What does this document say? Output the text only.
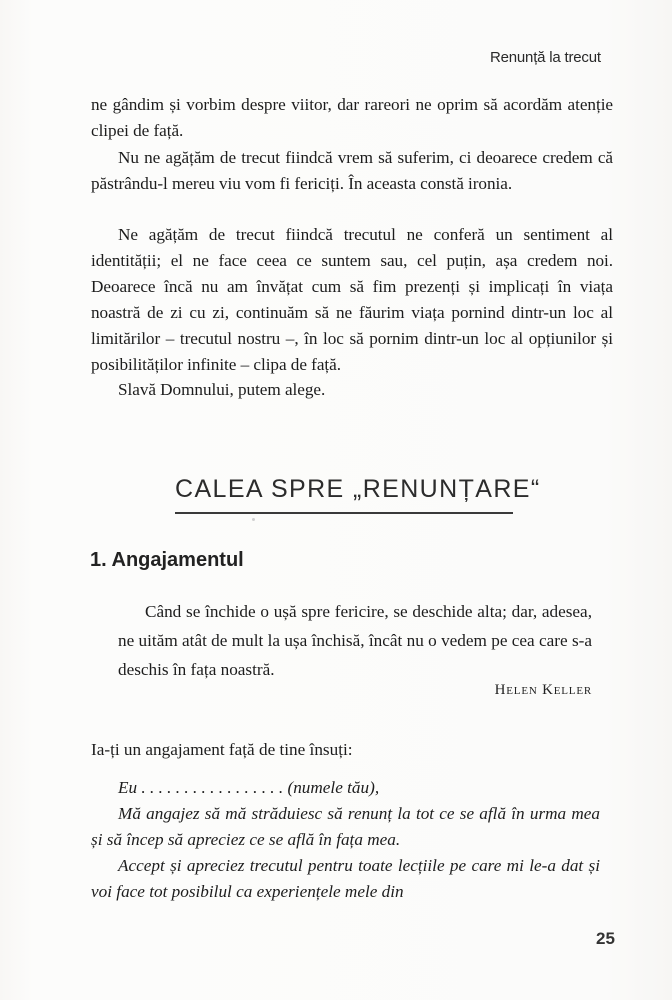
Renunță la trecut

ne gândim și vorbim despre viitor, dar rareori ne oprim să acordăm atenție clipei de față.

Nu ne agățăm de trecut fiindcă vrem să suferim, ci deoarece credem că păstrându-l mereu viu vom fi fericiți. În aceasta constă ironia.

Ne agățăm de trecut fiindcă trecutul ne conferă un sentiment al identității; el ne face ceea ce suntem sau, cel puțin, așa credem noi. Deoarece încă nu am învățat cum să fim prezenți și implicați în viața noastră de zi cu zi, continuăm să ne făurim viața pornind dintr-un loc al limitărilor – trecutul nostru –, în loc să pornim dintr-un loc al opțiunilor și posibilităților infinite – clipa de față.

Slavă Domnului, putem alege.

CALEA SPRE „RENUNȚARE“
1. Angajamentul

Când se închide o ușă spre fericire, se deschide alta; dar, adesea, ne uităm atât de mult la ușa închisă, încât nu o vedem pe cea care s-a deschis în fața noastră.

Helen Keller
Ia-ți un angajament față de tine însuți:

Eu . . . . . . . . . . . . . . . . . (numele tău),

Mă angajez să mă străduiesc să renunț la tot ce se află în urma mea și să încep să apreciez ce se află în fața mea.

Accept și apreciez trecutul pentru toate lecțiile pe care mi le-a dat și voi face tot posibilul ca experiențele mele din

25
